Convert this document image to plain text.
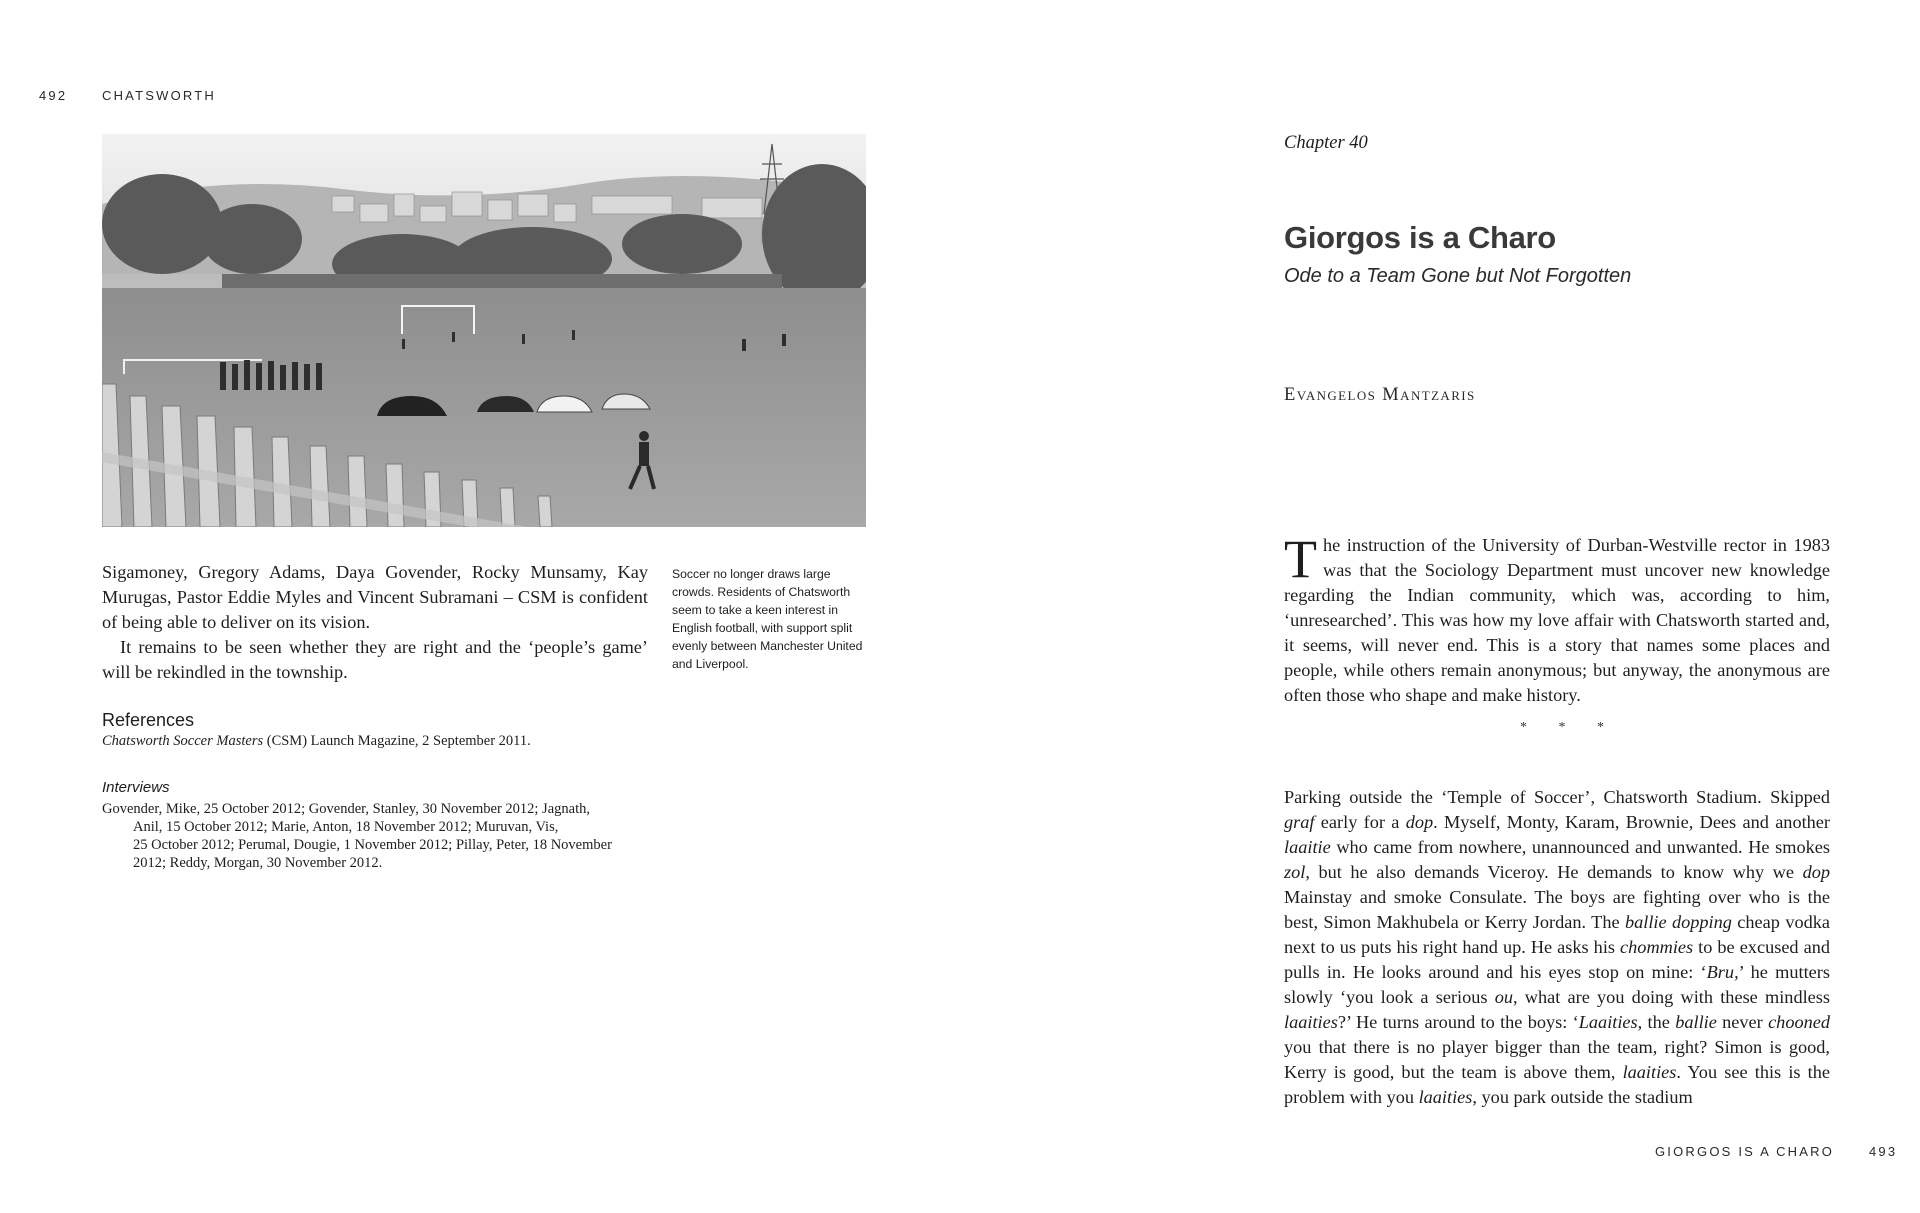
492	CHATSWORTH

Sigamoney, Gregory Adams, Daya Govender, Rocky Munsamy, Kay Murugas, Pastor Eddie Myles and Vincent Subramani – CSM is confident of being able to deliver on its vision.

It remains to be seen whether they are right and the ‘people’s game’ will be rekindled in the township.

Soccer no longer draws large crowds. Residents of Chatsworth seem to take a keen interest in English football, with support split evenly between Manchester United and Liverpool.
References
Chatsworth Soccer Masters (CSM) Launch Magazine, 2 September 2011.
Interviews
Govender, Mike, 25 October 2012; Govender, Stanley, 30 November 2012; Jagnath,
Anil, 15 October 2012; Marie, Anton, 18 November 2012; Muruvan, Vis,
25 October 2012; Perumal, Dougie, 1 November 2012; Pillay, Peter, 18 November
2012; Reddy, Morgan, 30 November 2012.
Chapter 40
Giorgos is a Charo
Ode to a Team Gone but Not Forgotten
Evangelos Mantzaris

The instruction of the University of Durban-Westville rector in 1983 was that the Sociology Department must uncover new knowledge regarding the Indian community, which was, according to him, ‘unresearched’. This was how my love affair with Chatsworth started and, it seems, will never end. This is a story that names some places and people, while others remain anonymous; but anyway, the anonymous are often those who shape and make history.

* * *

Parking outside the ‘Temple of Soccer’, Chatsworth Stadium. Skipped graf early for a dop. Myself, Monty, Karam, Brownie, Dees and another laaitie who came from nowhere, unannounced and unwanted. He smokes zol, but he also demands Viceroy. He demands to know why we dop Mainstay and smoke Consulate. The boys are fighting over who is the best, Simon Makhubela or Kerry Jordan. The ballie dopping cheap vodka next to us puts his right hand up. He asks his chommies to be excused and pulls in. He looks around and his eyes stop on mine: ‘Bru,’ he mutters slowly ‘you look a serious ou, what are you doing with these mindless laaities?’ He turns around to the boys: ‘Laaities, the ballie never chooned you that there is no player bigger than the team, right? Simon is good, Kerry is good, but the team is above them, laaities. You see this is the problem with you laaities, you park outside the stadium

GIORGOS IS A CHARO	493
